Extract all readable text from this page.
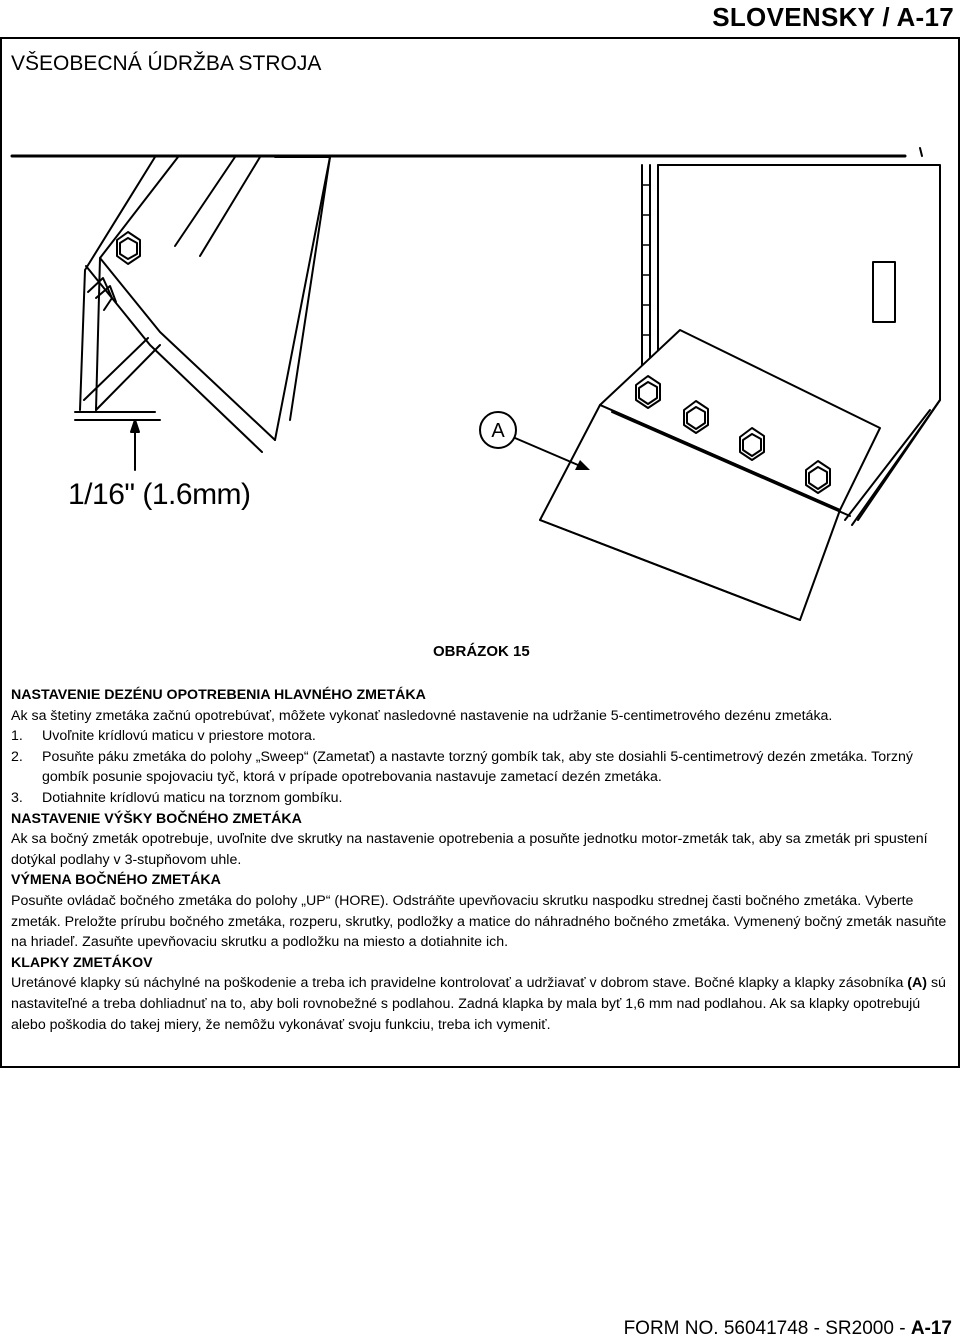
SLOVENSKY / A-17
VŠEOBECNÁ ÚDRŽBA STROJA
A
1/16" (1.6mm)
OBRÁZOK 15

NASTAVENIE DEZÉNU OPOTREBENIA HLAVNÉHO ZMETÁKA

Ak sa štetiny zmetáka začnú opotrebúvať, môžete vykonať nasledovné nastavenie na udržanie 5-centimetrového dezénu zmetáka.

1. Uvoľnite krídlovú maticu v priestore motora.

2. Posuňte páku zmetáka do polohy „Sweep“ (Zametať) a nastavte torzný gombík tak, aby ste dosiahli 5-centimetrový dezén zmetáka. Torzný gombík posunie spojovaciu tyč, ktorá v prípade opotrebovania nastavuje zametací dezén zmetáka.

3. Dotiahnite krídlovú maticu na torznom gombíku.

NASTAVENIE VÝŠKY BOČNÉHO ZMETÁKA

Ak sa bočný zmeták opotrebuje, uvoľnite dve skrutky na nastavenie opotrebenia a posuňte jednotku motor-zmeták tak, aby sa zmeták pri spustení dotýkal podlahy v 3-stupňovom uhle.

VÝMENA BOČNÉHO ZMETÁKA

Posuňte ovládač bočného zmetáka do polohy „UP“ (HORE). Odstráňte upevňovaciu skrutku naspodku strednej časti bočného zmetáka. Vyberte zmeták. Preložte prírubu bočného zmetáka, rozperu, skrutky, podložky a matice do náhradného bočného zmetáka. Vymenený bočný zmeták nasuňte na hriadeľ. Zasuňte upevňovaciu skrutku a podložku na miesto a dotiahnite ich.

KLAPKY ZMETÁKOV

Uretánové klapky sú náchylné na poškodenie a treba ich pravidelne kontrolovať a udržiavať v dobrom stave. Bočné klapky a klapky zásobníka (A) sú nastaviteľné a treba dohliadnuť na to, aby boli rovnobežné s podlahou. Zadná klapka by mala byť 1,6 mm nad podlahou. Ak sa klapky opotrebujú alebo poškodia do takej miery, že nemôžu vykonávať svoju funkciu, treba ich vymeniť.

FORM NO. 56041748 - SR2000 - A-17
